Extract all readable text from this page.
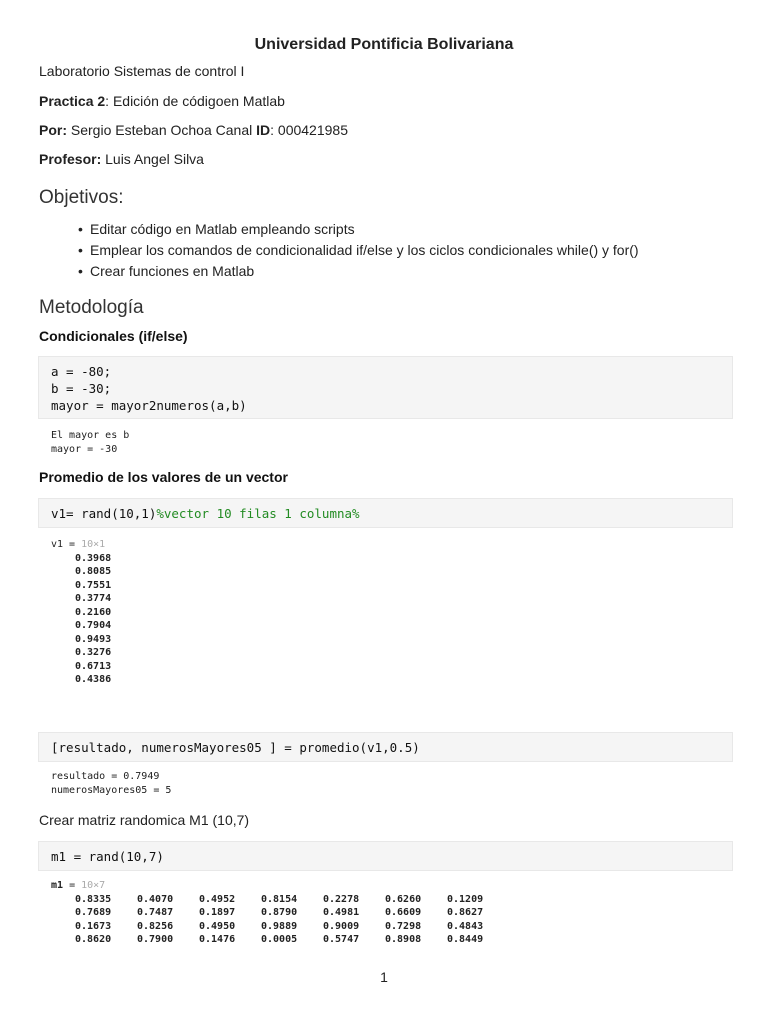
Universidad Pontificia Bolivariana
Laboratorio Sistemas de control I
Practica 2: Edición de códigoen Matlab
Por: Sergio Esteban Ochoa Canal ID: 000421985
Profesor: Luis Angel Silva
Objetivos:
• Editar código en Matlab empleando scripts
• Emplear los comandos de condicionalidad if/else y los ciclos condicionales while() y for()
• Crear funciones en Matlab
Metodología
Condicionales (if/else)
a = -80;
b = -30;
mayor = mayor2numeros(a,b)
El mayor es b
mayor = -30
Promedio de los valores de un vector
v1= rand(10,1)%vector 10 filas 1 columna%
v1 = 10×1
0.3968
0.8085
0.7551
0.3774
0.2160
0.7904
0.9493
0.3276
0.6713
0.4386
[resultado, numerosMayores05 ] = promedio(v1,0.5)
resultado = 0.7949
numerosMayores05 = 5
Crear matriz randomica M1 (10,7)
m1 = rand(10,7)
m1 = 10×7
0.8335	0.4070	0.4952	0.8154	0.2278	0.6260	0.1209
0.7689	0.7487	0.1897	0.8790	0.4981	0.6609	0.8627
0.1673	0.8256	0.4950	0.9889	0.9009	0.7298	0.4843
0.8620	0.7900	0.1476	0.0005	0.5747	0.8908	0.8449
1
